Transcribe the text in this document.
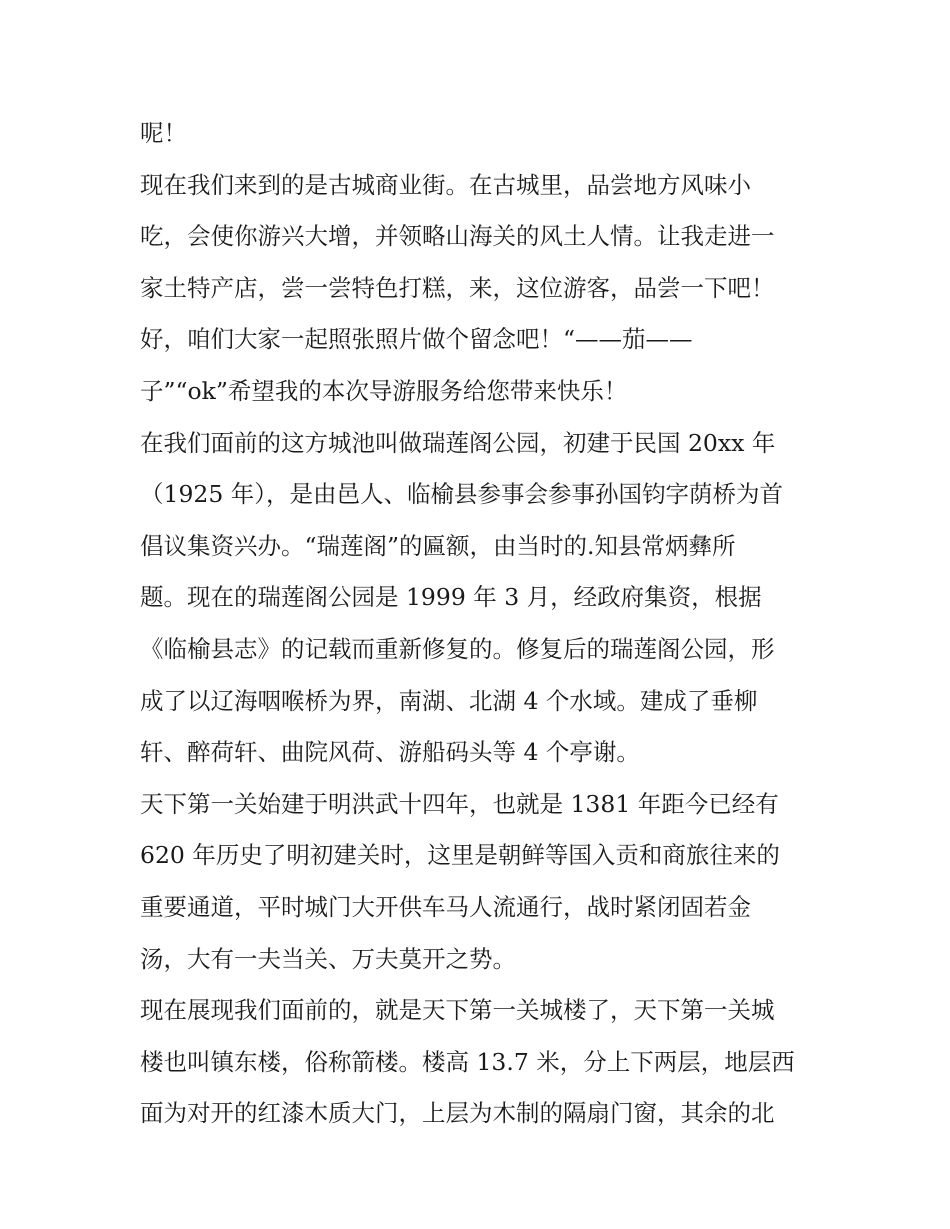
呢！
现在我们来到的是古城商业街。在古城里，品尝地方风味小
吃，会使你游兴大增，并领略山海关的风土人情。让我走进一
家土特产店，尝一尝特色打糕，来，这位游客，品尝一下吧！
好，咱们大家一起照张照片做个留念吧！“——茄——
子”“ok”希望我的本次导游服务给您带来快乐！
在我们面前的这方城池叫做瑞莲阁公园，初建于民国 20xx 年
（1925 年），是由邑人、临榆县参事会参事孙国钧字荫桥为首
倡议集资兴办。“瑞莲阁”的匾额，由当时的.知县常炳彝所
题。现在的瑞莲阁公园是 1999 年 3 月，经政府集资，根据
《临榆县志》的记载而重新修复的。修复后的瑞莲阁公园，形
成了以辽海咽喉桥为界，南湖、北湖 4 个水域。建成了垂柳
轩、醉荷轩、曲院风荷、游船码头等 4 个亭谢。
天下第一关始建于明洪武十四年，也就是 1381 年距今已经有
620 年历史了明初建关时，这里是朝鲜等国入贡和商旅往来的
重要通道，平时城门大开供车马人流通行，战时紧闭固若金
汤，大有一夫当关、万夫莫开之势。
现在展现我们面前的，就是天下第一关城楼了，天下第一关城
楼也叫镇东楼，俗称箭楼。楼高 13.7 米，分上下两层，地层西
面为对开的红漆木质大门，上层为木制的隔扇门窗，其余的北
